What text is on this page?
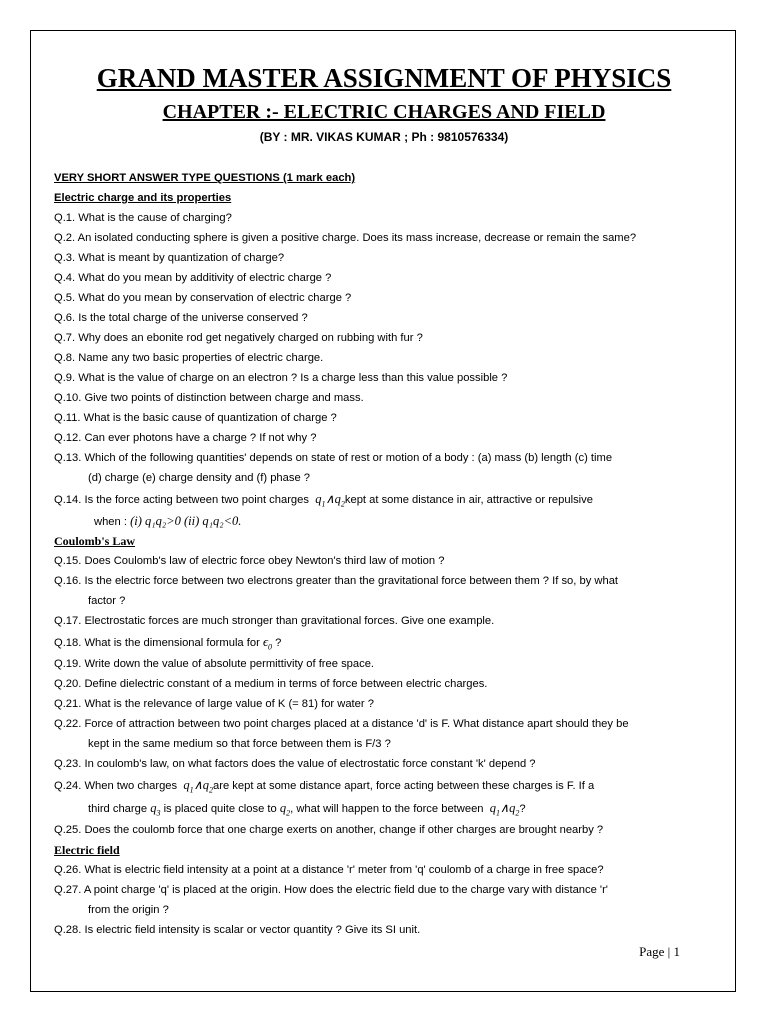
GRAND MASTER ASSIGNMENT OF PHYSICS
CHAPTER :- ELECTRIC CHARGES AND FIELD
(BY : MR. VIKAS KUMAR ; Ph : 9810576334)
VERY SHORT ANSWER TYPE QUESTIONS (1 mark each)
Electric charge and its properties
Q.1. What is the cause of charging?
Q.2. An isolated conducting sphere is given a positive charge. Does its mass increase, decrease or remain the same?
Q.3. What is meant by quantization of charge?
Q.4. What do you mean by additivity of electric charge ?
Q.5. What do you mean by conservation of electric charge ?
Q.6. Is the total charge of the universe conserved ?
Q.7. Why does an ebonite rod get negatively charged on rubbing with fur ?
Q.8. Name any two basic properties of electric charge.
Q.9. What is the value of charge on an electron ? Is a charge less than this value possible ?
Q.10. Give two points of distinction between charge and mass.
Q.11. What is the basic cause of quantization of charge ?
Q.12. Can ever photons have a charge ? If not why ?
Q.13. Which of the following quantities' depends on state of rest or motion of a body : (a) mass (b) length (c) time
(d) charge (e) charge density and (f) phase ?
Q.14. Is the force acting between two point charges $q_1\wedge q_2kept$ at some distance in air, attractive or repulsive
when : (i) q₁q₂>0 (ii) q₁q₂<0.
Coulomb's Law
Q.15. Does Coulomb's law of electric force obey Newton's third law of motion ?
Q.16. Is the electric force between two electrons greater than the gravitational force between them ? If so, by what
factor ?
Q.17. Electrostatic forces are much stronger than gravitational forces. Give one example.
Q.18. What is the dimensional formula for $\epsilon_0$ ?
Q.19. Write down the value of absolute permittivity of free space.
Q.20. Define dielectric constant of a medium in terms of force between electric charges.
Q.21. What is the relevance of large value of K (= 81) for water ?
Q.22. Force of attraction between two point charges placed at a distance 'd' is F. What distance apart should they be
kept in the same medium so that force between them is F/3 ?
Q.23. In coulomb's law, on what factors does the value of electrostatic force constant 'k' depend ?
Q.24. When two charges $q_1\wedge q_2are$ kept at some distance apart, force acting between these charges is F. If a
third charge $q_3$ is placed quite close to $q_2$, what will happen to the force between $q_1\wedge q_2$?
Q.25. Does the coulomb force that one charge exerts on another, change if other charges are brought nearby ?
Electric field
Q.26. What is electric field intensity at a point at a distance 'r' meter from 'q' coulomb of a charge in free space?
Q.27. A point charge 'q' is placed at the origin. How does the electric field due to the charge vary with distance 'r'
from the origin ?
Q.28. Is electric field intensity is scalar or vector quantity ? Give its SI unit.
Page | 1
